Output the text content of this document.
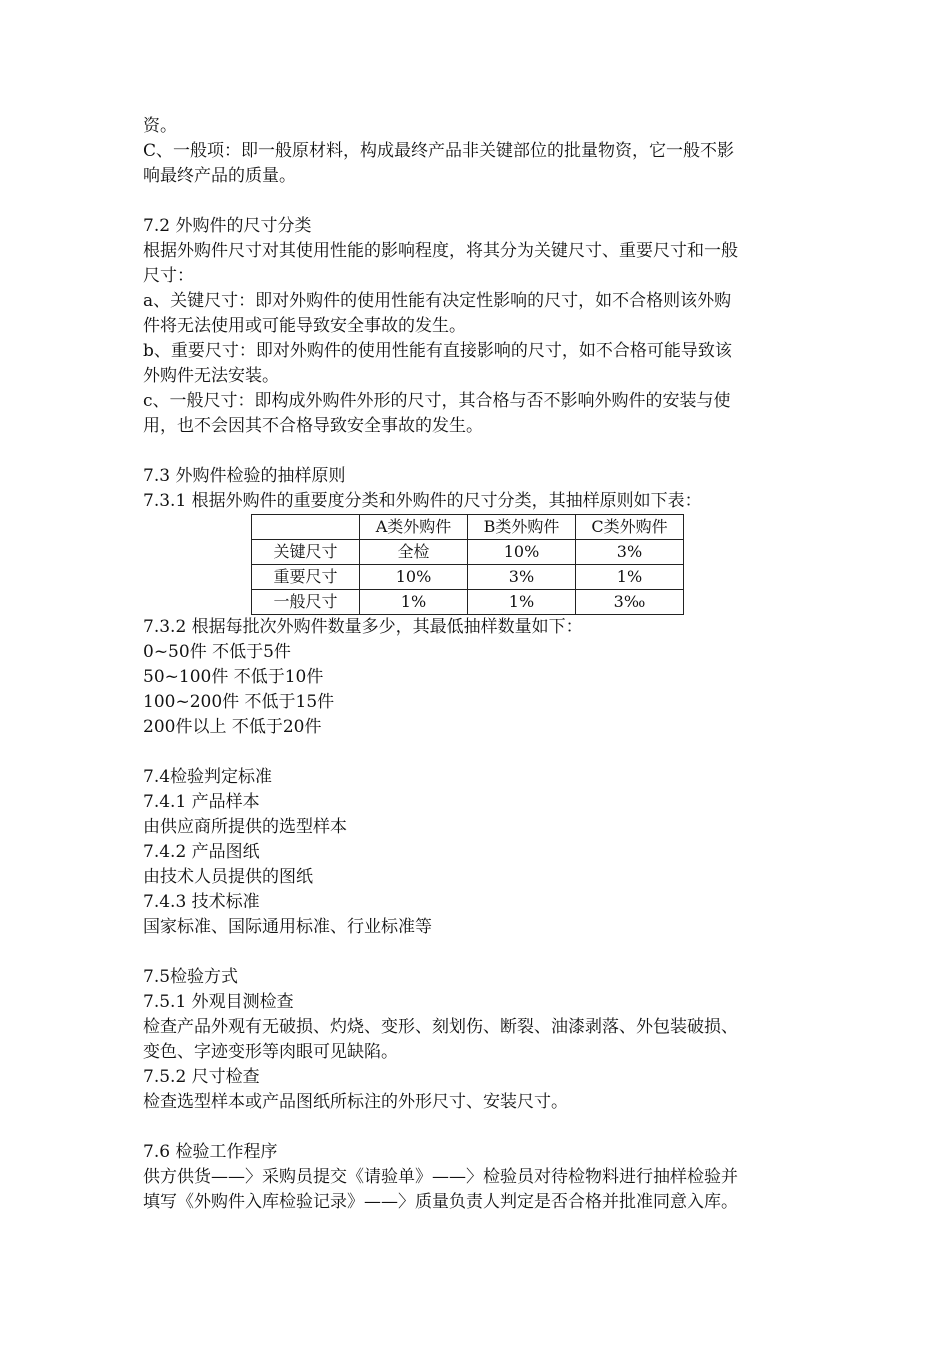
资。
C、一般项：即一般原材料，构成最终产品非关键部位的批量物资，它一般不影
响最终产品的质量。
7.2 外购件的尺寸分类
根据外购件尺寸对其使用性能的影响程度，将其分为关键尺寸、重要尺寸和一般
尺寸：
a、关键尺寸：即对外购件的使用性能有决定性影响的尺寸，如不合格则该外购
件将无法使用或可能导致安全事故的发生。
b、重要尺寸：即对外购件的使用性能有直接影响的尺寸，如不合格可能导致该
外购件无法安装。
c、一般尺寸：即构成外购件外形的尺寸，其合格与否不影响外购件的安装与使
用，也不会因其不合格导致安全事故的发生。
7.3 外购件检验的抽样原则
7.3.1 根据外购件的重要度分类和外购件的尺寸分类，其抽样原则如下表：
	A类外购件	B类外购件	C类外购件
关键尺寸	全检	10%	3%
重要尺寸	10%	3%	1%
一般尺寸	1%	1%	3‰
7.3.2 根据每批次外购件数量多少，其最低抽样数量如下：
0~50件 不低于5件
50~100件 不低于10件
100~200件 不低于15件
200件以上 不低于20件
7.4检验判定标准
7.4.1 产品样本
由供应商所提供的选型样本
7.4.2 产品图纸
由技术人员提供的图纸
7.4.3 技术标准
国家标准、国际通用标准、行业标准等
7.5检验方式
7.5.1 外观目测检查
检查产品外观有无破损、灼烧、变形、刻划伤、断裂、油漆剥落、外包装破损、
变色、字迹变形等肉眼可见缺陷。
7.5.2 尺寸检查
检查选型样本或产品图纸所标注的外形尺寸、安装尺寸。
7.6 检验工作程序
供方供货——〉采购员提交《请验单》——〉检验员对待检物料进行抽样检验并
填写《外购件入库检验记录》——〉质量负责人判定是否合格并批准同意入库。
